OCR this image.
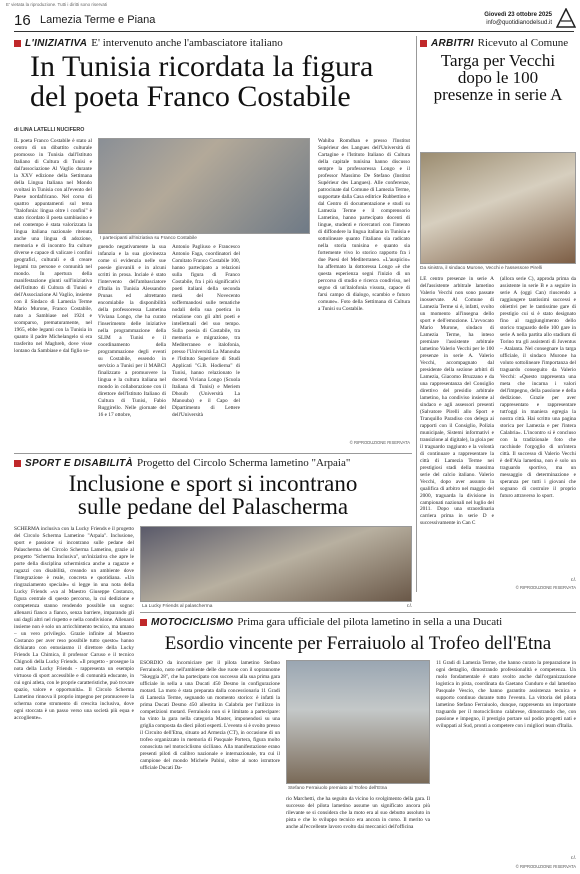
E' vietata la riproduzione. Tutti i diritti sono riservati
16 Lamezia Terme e Piana	Giovedì 23 ottobre 2025
info@quotidianodelsud.it
L'INIZIATIVA E' intervenuto anche l'ambasciatore italiano
In Tunisia ricordata la figura
del poeta Franco Costabile
di LINA LATELLI NUCIFERO
IL poeta Franco Costabile è stato al centro di un dibattito culturale promosso in Tunisia dall'Istituto Italiano di Cultura di Tunisi e dall'associazione Al Vaglio durante la XXV edizione della Settimana della Lingua Italiana nel Mondo svoltasi in Tunisia con all'evento del Paese nordafricano. Nel corso di quattro appuntamenti sul tema "Italofonia: lingua oltre i confini" è stato ricordato il poeta sambiasino e nel contempo è stata valorizzata la lingua italiana nazionale ritenuta anche una lingua di adozione, memoria e di incontro fra culture diverse e capace di valicare i confini geografici, culturali e di creare legami tra persone e comunità nel mondo. In apertura della manifestazione giunti sull'iniziativa dell'Istituto di Cultura di Tunisi e dell'Associazione Al Vaglio, insieme con il Sindaco di Lamezia Terme Mario Murone, Franco Costabile, nato a Sambiase nel 1924 e scomparso, prematuramente, nel 1965, ebbe legami con la Tunisia in quanto il padre Michelangelo si era trasferito nel Maghreb, dove visse lontano da Sambiase e dal figlio se-
I partecipanti all'iniziativa su Franco Costabile
guendo negativamente la sua infanzia e la sua giovinezza come si evidenzia nelle sue poesie giovanili e in alcuni scritti in prosa. Inciale è stato l'intervento dell'ambasciatore d'Italia in Tunisia Alessandro Prunas ed altrettanto encomiabile la disponibilità della professoressa Lametina Viviana Longo, che ha curato l'inserimento delle iniziative nella programmazione della SLIM a Tunisi e il coordinamento della programmazione degli eventi su Costabile, essendo in servizio a Tunisi per il MABCI finalizzato a promuovere la lingua e la cultura italiana nel mondo in collaborazione con il direttore dell'Istituto Italiano di Cultura di Tunisi, Fabio Ruggirello. Nelle giornate del 16 e 17 ottobre,
Antonio Pagliuso e Francesco Antonio Faga, coordinatori del Comitato Franco Costabile 100, hanno partecipato a relazioni sulla figura di Franco Costabile, fra i più significativi poeti italiani della seconda metà del Novecento soffermandosi sulle tematiche nodali della sua poetica in relazione con gli altri poeti e intellettuali del suo tempo. Sulla poesia di Costabile, tra memoria e migrazione, tra Mediterraneo e italofonia, presso l'Università La Manouba e l'Istituto Superiore di Studi Applicati "G.B. Hodierna" di Tunisi, hanno relazionato le docenti Viviana Longo (Scuola Italiana di Tunisi) e Meriem Dhouib (Università La Manouba) e il Capo del Dipartimento di Lettere dell'Università
Wahiba Romdhan e presso l'Institut Supérieur des Langues dell'Università di Cartagine e l'Istituto Italiano di Cultura della capitale tunisina hanno discusso sempre la professoressa Longo e il professor Massimo De Stefano (Institut Supérieur des Langues). Alle conferenze, patrocinate dal Comune di Lamezia Terme, supportate dalla Casa editrice Rubbettino e dal Centro di documentazione e studi su Lamezia Terme e il comprensorio Lametino, hanno partecipato docenti di lingue, studenti e ricercatori con l'intento di diffondere la lingua italiana in Tunisia e sottolineare quanto l'italiano sia radicato nella storia tunisina e quanto sia fortemente vivo lo storico rapporto fra i due Paesi del Mediterraneo. «L'auspicio» ha affermato la dottoressa Longo «è che questa esperienza segni l'inizio di un percorso di studio e ricerca condiviso, nel segno di un'italofonia vissuta, capace di farsi campo di dialogo, scambio e futuro comune». Foto della Settimana di Cultura a Tunisi su Costabile.
© RIPRODUZIONE RISERVATA
ARBITRI Ricevuto al Comune
Targa per Vecchi
dopo le 100
presenze in serie A
Da sinistra, il sindaco Murone, Vecchi e l'assessore Pirelli
LE centro presenze in serie A dell'assistente arbitrale lametino Valerio Vecchi non sono passate inosservate. Al Comune di Lamezia Terme si è, infatti, svolto un momento all'insegna dello sport e dell'emozione. L'avvocato Mario Murone, sindaco di Lamezia Terme, ha inteso premiare l'assistente arbitrale lametino Valerio Vecchi per le 100 presenze in serie A. Valerio Vecchi, accompagnato dal presidente della sezione arbitri di Lamezia, Giacomo Bruzzano e da una rappresentanza del Consiglio direttivo del presidio arbitrale lametino, ha condiviso insieme al sindaco e agli assessori presenti (Salvatore Pirelli allo Sport e Tranquillo Paradiso con delega ai rapporti con il Consiglio, Polizia municipale, Sistemi informativi e transizione al digitale), la gioia per il traguardo raggiunto e la volontà di continuare a rappresentare la città di Lamezia Terme nei prestigiosi stadi della massima serie del calcio italiano. Valerio Vecchi, dopo aver assunto la qualifica di arbitro nel maggio del 2000, traguarda la divisione in campionati nazionali nel luglio del 2011. Dopo una straordinaria carriera prima in serie D e successivamente in Can C
(allora serie C), approda prima da assistente in serie B e a seguire in serie A (oggi Can) riuscendo a raggiungere tantissimi successi e obiettivi per le tantissime gare di prestigio cui si è stato designato fino al raggiungimento dello storico traguardo delle 100 gare in serie A nella partita allo stadium di Torino tra gli assistenti di Juventus – Atalanta. Nel consegnare la targa ufficiale, il sindaco Murone ha voluto sottolineare l'importanza del traguardo conseguito da Valerio Vecchi: «Questo rappresenta una meta che incarna i valori dell'impegno, della passione e della dedizione. Grazie per aver rappresentato e rappresentare tutt'oggi in maniera egregia la nostra città. Hai scritto una pagina storica per Lamezia e per l'intera Calabria». L'incontro si è concluso con la tradizionale foto che racchiude l'orgoglio di un'intera città. Il successo di Valerio Vecchi è dell'Aia lametina, non è solo un traguardo sportivo, ma un messaggio di determinazione e speranza per tutti i giovani che sognano di costruire il proprio futuro attraverso lo sport.
r.l.
© RIPRODUZIONE RISERVATA
SPORT E DISABILITÀ Progetto del Circolo Scherma lametino "Arpaia"
Inclusione e sport si incontrano
sulle pedane del Palascherma
SCHERMA inclusiva con la Lucky Friends e il progetto del Circolo Scherma Lametino "Arpaia". Inclusione, sport e passione si incontrano sulle pedane del Palascherma del Circolo Scherma Lametino, grazie al progetto "Scherma Inclusiva", un'iniziativa che apre le porte della disciplina schermistica anche a ragazze e ragazzi con disabilità, creando un ambiente dove l'integrazione è reale, concreta e quotidiana. «Un ringraziamento speciale» si legge in una nota della Lucky Friends «va al Maestro Giuseppe Costanzo, figura centrale di questo percorso, la cui dedizione e competenza stanno rendendo possibile un sogno: allenarsi fianco a fianco, senza barriere, imparando gli uni dagli altri nel rispetto e nella condivisione. Allenarsi insieme non è solo un arricchimento tecnico, ma umano – un vero privilegio. Grazie infinite al Maestro Costanzo per aver reso possibile tutto questo» hanno dichiarato con entusiasmo il direttore della Lucky Friends La Chimica, il professor Caruso e il tecnico Chignoli della Lucky Friends. «Il progetto - prosegue la nota della Lucky Friends - rappresenta un esempio virtuoso di sport accessibile e di comunità educante, in cui ogni atleta, con le proprie caratteristiche, può trovare spazio, valore e opportunità». Il Circolo Scherma Lametino rinnova il proprio impegno per promuovere la scherma come strumento di crescita inclusiva, dove ogni stoccata è un passo verso una società più equa e accogliente».
La Lucky Friends al palascherma	r.l.
MOTOCICLISMO Prima gara ufficiale del pilota lametino in sella a una Ducati
Esordio vincente per Ferraiuolo al Trofeo dell'Etna
ESORDIO da incorniciare per il pilota lametino Stefano Ferraiuolo, noto nell'ambiente delle due ruote con il soprannome "Skeggia 28", che ha partecipato con successo alla sua prima gara ufficiale in sella a una Ducati 450 Desmo in configurazione motard. La moto è stata preparata dalla concessionaria 11 Gradi di Lamezia Terme, segnando un momento storico: è infatti la prima Ducati Desmo 450 allestita in Calabria per l'utilizzo in competizioni motard. Ferraiuolo non si è limitato a partecipare: ha vinto la gara nella categoria Master, imponendosi su una griglia composta da dieci piloti esperti. L'evento si è svolto presso il Circuito dell'Etna, situato ad Armezia (CT), in occasione di un trofeo organizzato in memoria di Pasquale Portera, figura molto conosciuta nel motociclismo siciliano. Alla manifestazione erano presenti piloti di calibro nazionale e internazionale, tra cui il campione del mondo Michele Pabini, oltre al noto istruttore ufficiale Ducati Da-
Stefano Ferraiuolo premiato al Trofeo dell'Etna
rio Marchetti, che ha seguito da vicino lo svolgimento della gara. Il successo del pilota lametino assume un significato ancora più rilevante se si considera che la moto era al suo debutto assoluto in pista e che lo sviluppo tecnico era ancora in corso. Il merito va anche all'eccellente lavoro svolto dai meccanici dell'officina
11 Gradi di Lamezia Terme, che hanno curato la preparazione in ogni dettaglio, dimostrando professionalità e competenza. Un ruolo fondamentale è stato svolto anche dall'organizzazione logistica in pista, coordinata da Gaetano Cunduro e dal lametino Pasquale Vescio, che hanno garantito assistenza tecnica e supporto continuo durante tutto l'evento. La vittoria del pilota lametino Stefano Ferraiuolo, dunque, rappresenta un importante traguardo per il motociclismo calabrese, dimostrando che, con passione e impegno, il prestigio portare sul podio progetti nati e sviluppati al Sud, pronti a competere con i migliori team d'Italia.
r.l.
© RIPRODUZIONE RISERVATA
